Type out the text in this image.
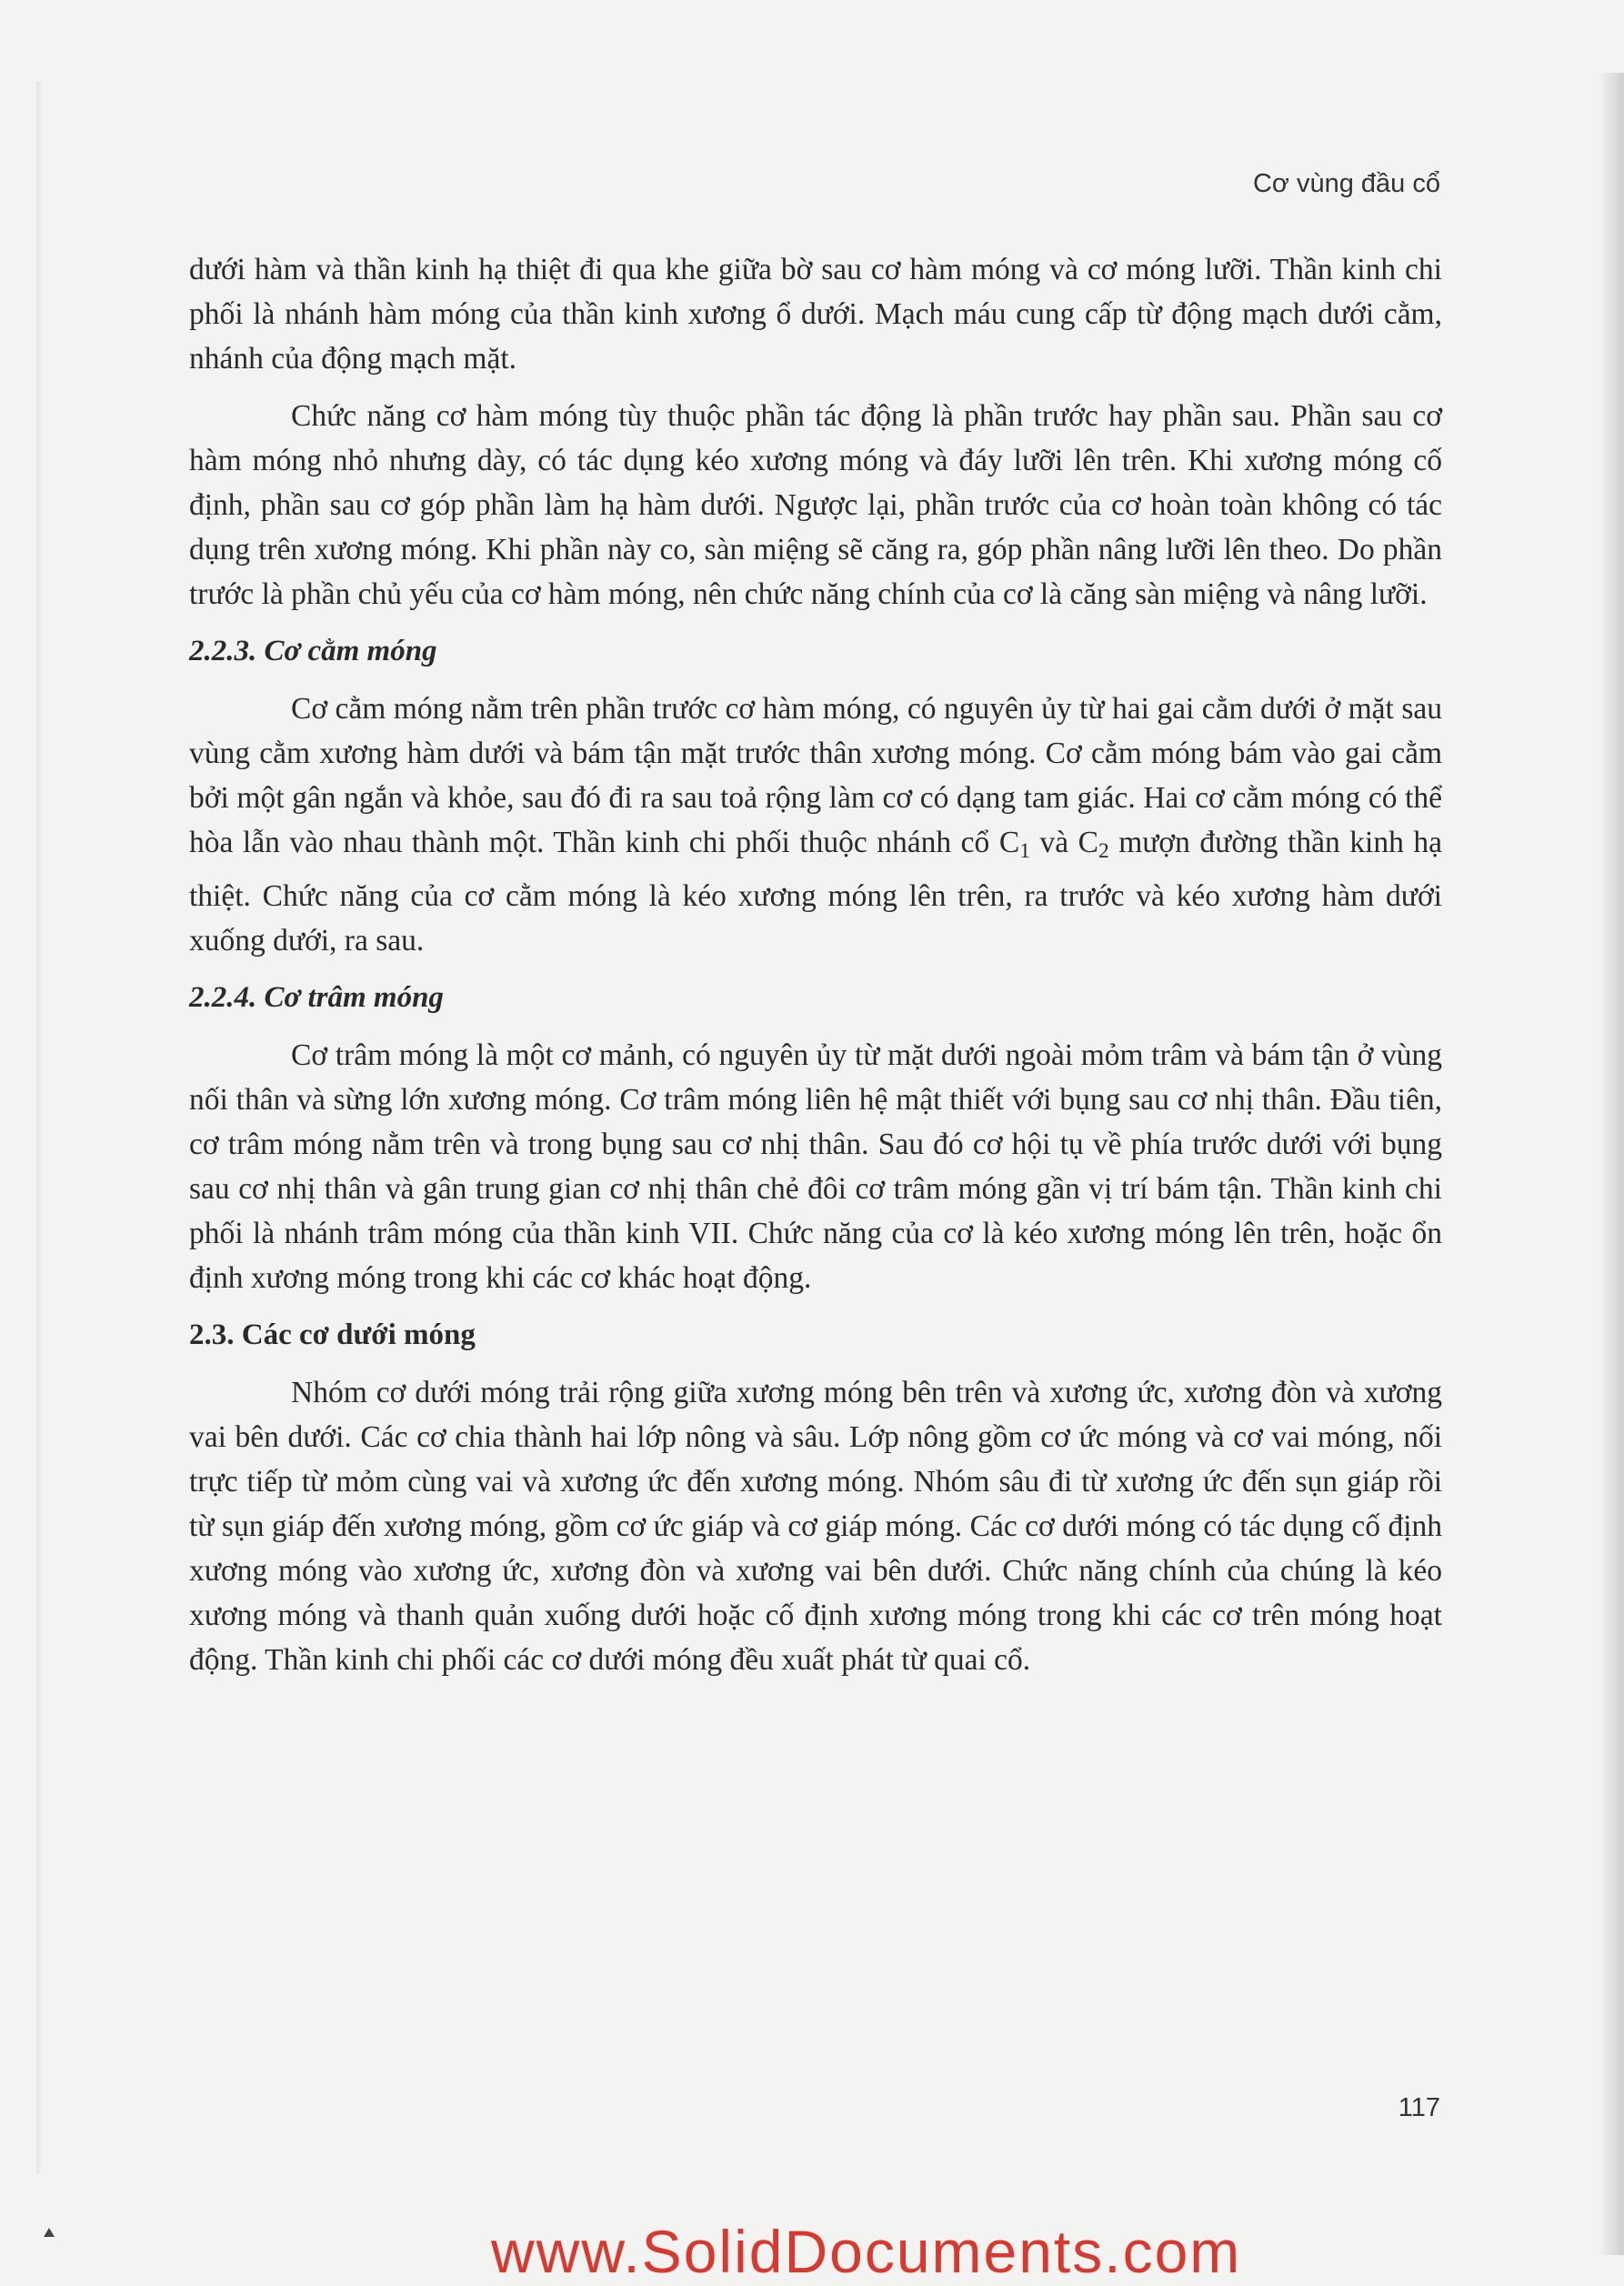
Cơ vùng đầu cổ

dưới hàm và thần kinh hạ thiệt đi qua khe giữa bờ sau cơ hàm móng và cơ móng lưỡi. Thần kinh chi phối là nhánh hàm móng của thần kinh xương ổ dưới. Mạch máu cung cấp từ động mạch dưới cằm, nhánh của động mạch mặt.

Chức năng cơ hàm móng tùy thuộc phần tác động là phần trước hay phần sau. Phần sau cơ hàm móng nhỏ nhưng dày, có tác dụng kéo xương móng và đáy lưỡi lên trên. Khi xương móng cố định, phần sau cơ góp phần làm hạ hàm dưới. Ngược lại, phần trước của cơ hoàn toàn không có tác dụng trên xương móng. Khi phần này co, sàn miệng sẽ căng ra, góp phần nâng lưỡi lên theo. Do phần trước là phần chủ yếu của cơ hàm móng, nên chức năng chính của cơ là căng sàn miệng và nâng lưỡi.

2.2.3. Cơ cằm móng

Cơ cằm móng nằm trên phần trước cơ hàm móng, có nguyên ủy từ hai gai cằm dưới ở mặt sau vùng cằm xương hàm dưới và bám tận mặt trước thân xương móng. Cơ cằm móng bám vào gai cằm bởi một gân ngắn và khỏe, sau đó đi ra sau toả rộng làm cơ có dạng tam giác. Hai cơ cằm móng có thể hòa lẫn vào nhau thành một. Thần kinh chi phối thuộc nhánh cổ C1 và C2 mượn đường thần kinh hạ thiệt. Chức năng của cơ cằm móng là kéo xương móng lên trên, ra trước và kéo xương hàm dưới xuống dưới, ra sau.

2.2.4. Cơ trâm móng

Cơ trâm móng là một cơ mảnh, có nguyên ủy từ mặt dưới ngoài mỏm trâm và bám tận ở vùng nối thân và sừng lớn xương móng. Cơ trâm móng liên hệ mật thiết với bụng sau cơ nhị thân. Đầu tiên, cơ trâm móng nằm trên và trong bụng sau cơ nhị thân. Sau đó cơ hội tụ về phía trước dưới với bụng sau cơ nhị thân và gân trung gian cơ nhị thân chẻ đôi cơ trâm móng gần vị trí bám tận. Thần kinh chi phối là nhánh trâm móng của thần kinh VII. Chức năng của cơ là kéo xương móng lên trên, hoặc ổn định xương móng trong khi các cơ khác hoạt động.

2.3. Các cơ dưới móng

Nhóm cơ dưới móng trải rộng giữa xương móng bên trên và xương ức, xương đòn và xương vai bên dưới. Các cơ chia thành hai lớp nông và sâu. Lớp nông gồm cơ ức móng và cơ vai móng, nối trực tiếp từ mỏm cùng vai và xương ức đến xương móng. Nhóm sâu đi từ xương ức đến sụn giáp rồi từ sụn giáp đến xương móng, gồm cơ ức giáp và cơ giáp móng. Các cơ dưới móng có tác dụng cố định xương móng vào xương ức, xương đòn và xương vai bên dưới. Chức năng chính của chúng là kéo xương móng và thanh quản xuống dưới hoặc cố định xương móng trong khi các cơ trên móng hoạt động. Thần kinh chi phối các cơ dưới móng đều xuất phát từ quai cổ.

117
www.SolidDocuments.com
